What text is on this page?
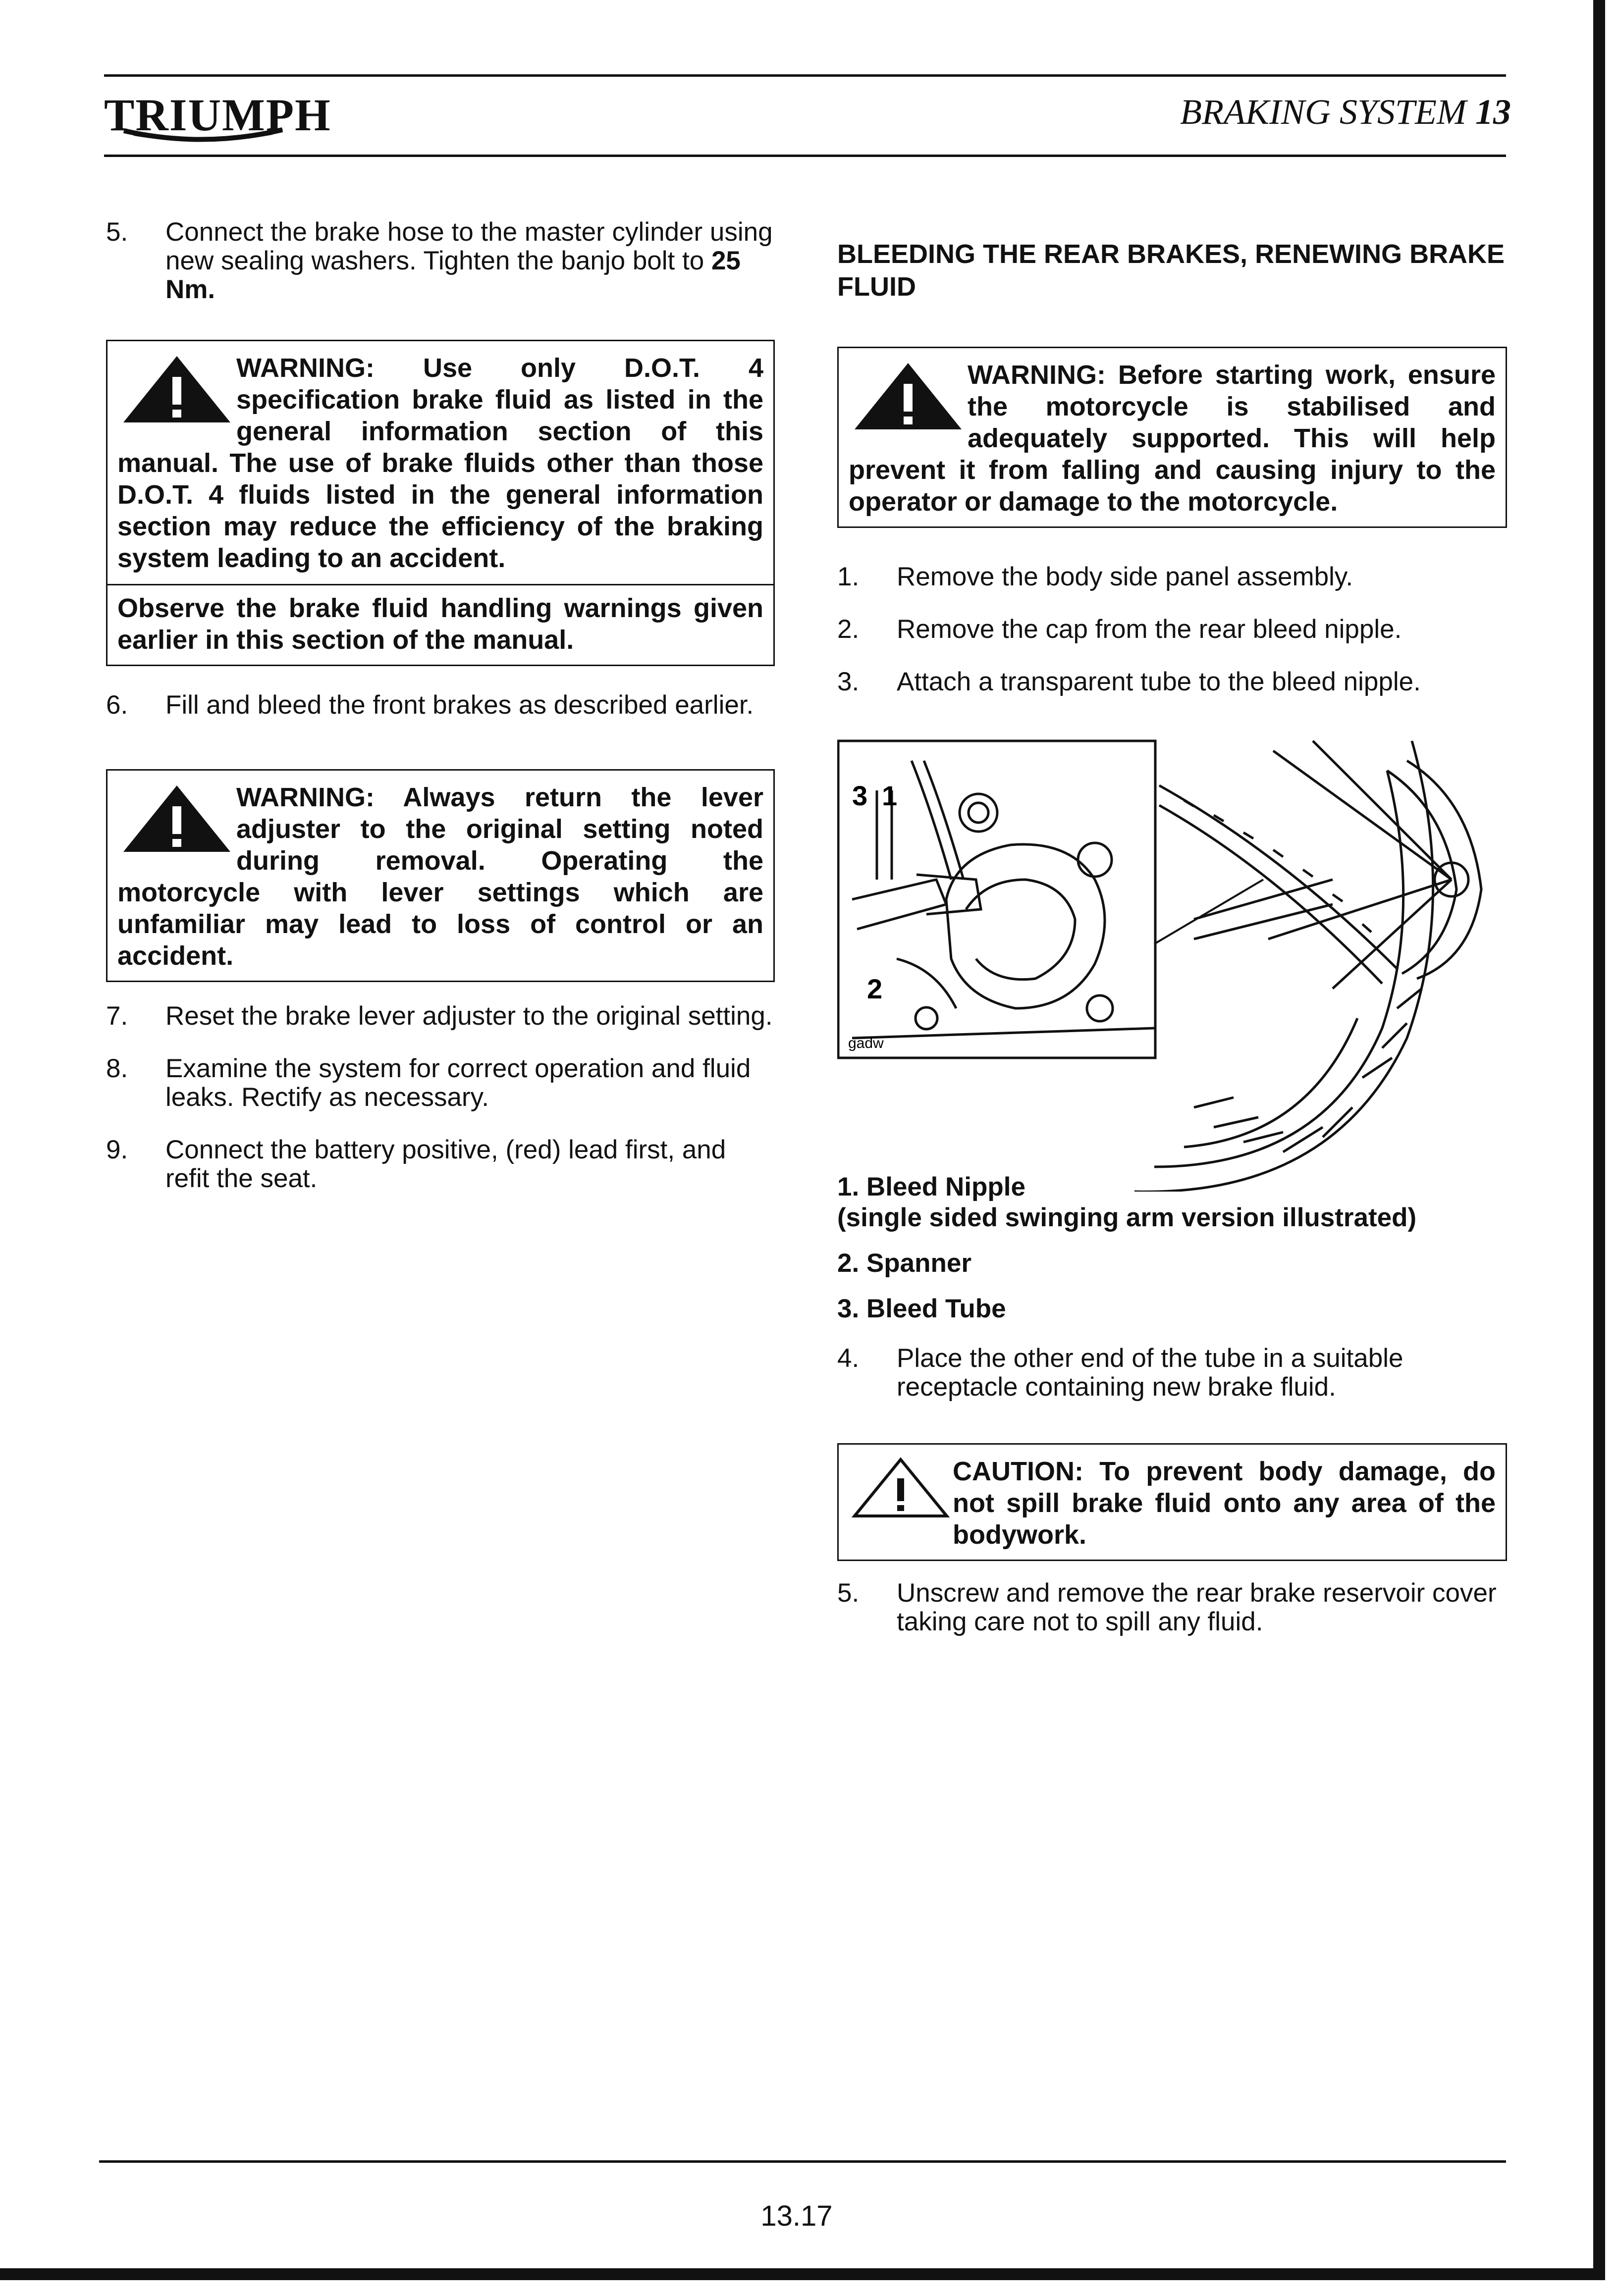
TRIUMPH	BRAKING SYSTEM 13
5. Connect the brake hose to the master cylinder using new sealing washers. Tighten the banjo bolt to 25 Nm.

WARNING: Use only D.O.T. 4 specification brake fluid as listed in the general information section of this manual. The use of brake fluids other than those D.O.T. 4 fluids listed in the general information section may reduce the efficiency of the braking system leading to an accident.

Observe the brake fluid handling warnings given earlier in this section of the manual.

6. Fill and bleed the front brakes as described earlier.

WARNING: Always return the lever adjuster to the original setting noted during removal. Operating the motorcycle with lever settings which are unfamiliar may lead to loss of control or an accident.

7. Reset the brake lever adjuster to the original setting.
8. Examine the system for correct operation and fluid leaks. Rectify as necessary.
9. Connect the battery positive, (red) lead first, and refit the seat.

BLEEDING THE REAR BRAKES, RENEWING BRAKE FLUID

WARNING: Before starting work, ensure the motorcycle is stabilised and adequately supported. This will help prevent it from falling and causing injury to the operator or damage to the motorcycle.

1. Remove the body side panel assembly.
2. Remove the cap from the rear bleed nipple.
3. Attach a transparent tube to the bleed nipple.
3 1
2
gadw

1. Bleed Nipple

(single sided swinging arm version illustrated)

2. Spanner

3. Bleed Tube

4. Place the other end of the tube in a suitable receptacle containing new brake fluid.

CAUTION: To prevent body damage, do not spill brake fluid onto any area of the bodywork.

5. Unscrew and remove the rear brake reservoir cover taking care not to spill any fluid.
13.17
